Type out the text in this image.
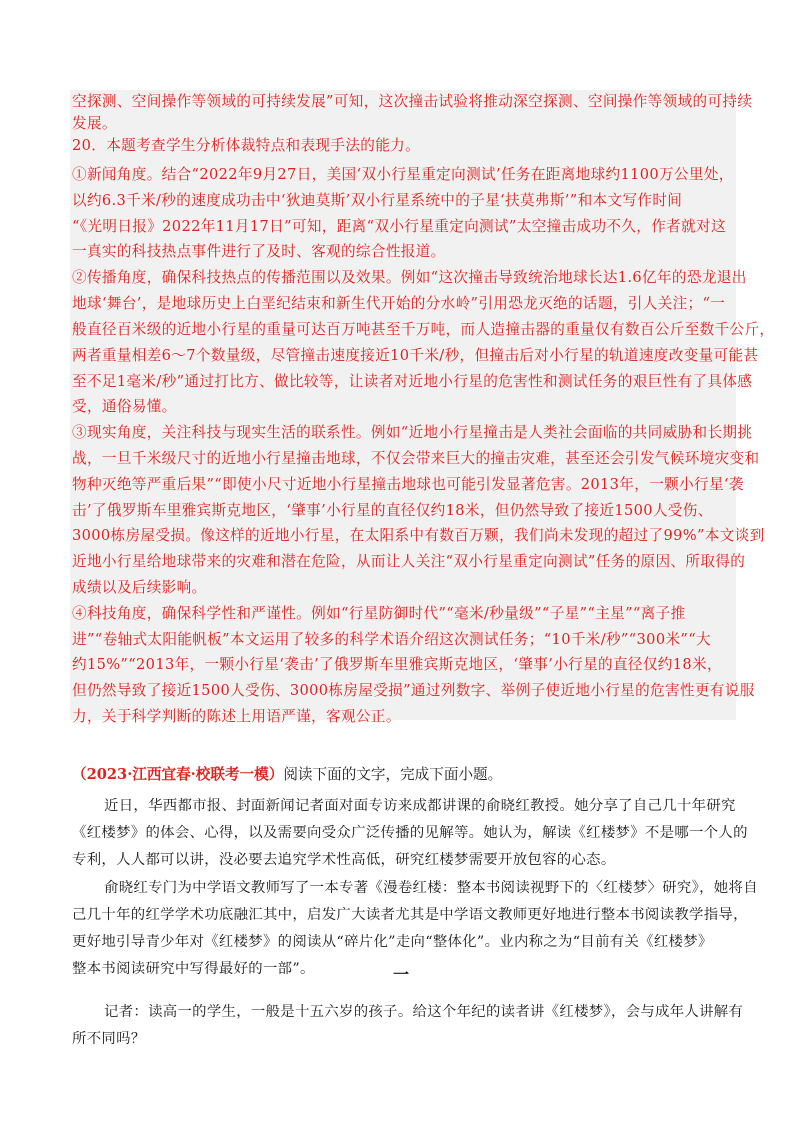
空探测、空间操作等领域的可持续发展”可知，这次撞击试验将推动深空探测、空间操作等领域的可持续
发展。
20．本题考查学生分析体裁特点和表现手法的能力。
①新闻角度。结合“2022年9月27日，美国‘双小行星重定向测试’任务在距离地球约1100万公里处，
以约6.3千米/秒的速度成功击中‘狄迪莫斯’双小行星系统中的子星‘扶莫弗斯’”和本文写作时间
“《光明日报》2022年11月17日”可知，距离“双小行星重定向测试”太空撞击成功不久，作者就对这
一真实的科技热点事件进行了及时、客观的综合性报道。
②传播角度，确保科技热点的传播范围以及效果。例如“这次撞击导致统治地球长达1.6亿年的恐龙退出
地球‘舞台’，是地球历史上白垩纪结束和新生代开始的分水岭”引用恐龙灭绝的话题，引人关注；“一
般直径百米级的近地小行星的重量可达百万吨甚至千万吨，而人造撞击器的重量仅有数百公斤至数千公斤，
两者重量相差6～7个数量级，尽管撞击速度接近10千米/秒，但撞击后对小行星的轨道速度改变量可能甚
至不足1毫米/秒”通过打比方、做比较等，让读者对近地小行星的危害性和测试任务的艰巨性有了具体感
受，通俗易懂。
③现实角度，关注科技与现实生活的联系性。例如“近地小行星撞击是人类社会面临的共同威胁和长期挑
战，一旦千米级尺寸的近地小行星撞击地球，不仅会带来巨大的撞击灾难，甚至还会引发气候环境灾变和
物种灭绝等严重后果”“即使小尺寸近地小行星撞击地球也可能引发显著危害。2013年，一颗小行星‘袭
击’了俄罗斯车里雅宾斯克地区，‘肇事’小行星的直径仅约18米，但仍然导致了接近1500人受伤、
3000栋房屋受损。像这样的近地小行星，在太阳系中有数百万颗，我们尚未发现的超过了99%”本文谈到
近地小行星给地球带来的灾难和潜在危险，从而让人关注“双小行星重定向测试”任务的原因、所取得的
成绩以及后续影响。
④科技角度，确保科学性和严谨性。例如“行星防御时代”“毫米/秒量级”“子星”“主星”“离子推
进”“卷轴式太阳能帆板”本文运用了较多的科学术语介绍这次测试任务；“10千米/秒”“300米”“大
约15%”“2013年，一颗小行星‘袭击’了俄罗斯车里雅宾斯克地区，‘肇事’小行星的直径仅约18米，
但仍然导致了接近1500人受伤、3000栋房屋受损”通过列数字、举例子使近地小行星的危害性更有说服
力，关于科学判断的陈述上用语严谨，客观公正。
（2023·江西宜春·校联考一模）阅读下面的文字，完成下面小题。
近日，华西都市报、封面新闻记者面对面专访来成都讲课的俞晓红教授。她分享了自己几十年研究
《红楼梦》的体会、心得，以及需要向受众广泛传播的见解等。她认为，解读《红楼梦》不是哪一个人的
专利，人人都可以讲，没必要去追究学术性高低，研究红楼梦需要开放包容的心态。
俞晓红专门为中学语文教师写了一本专著《漫卷红楼：整本书阅读视野下的〈红楼梦〉研究》，她将自
己几十年的红学学术功底融汇其中，启发广大读者尤其是中学语文教师更好地进行整本书阅读教学指导，
更好地引导青少年对《红楼梦》的阅读从“碎片化”走向“整体化”。业内称之为“目前有关《红楼梦》
整本书阅读研究中写得最好的一部”。	一
记者：读高一的学生，一般是十五六岁的孩子。给这个年纪的读者讲《红楼梦》，会与成年人讲解有
所不同吗？
